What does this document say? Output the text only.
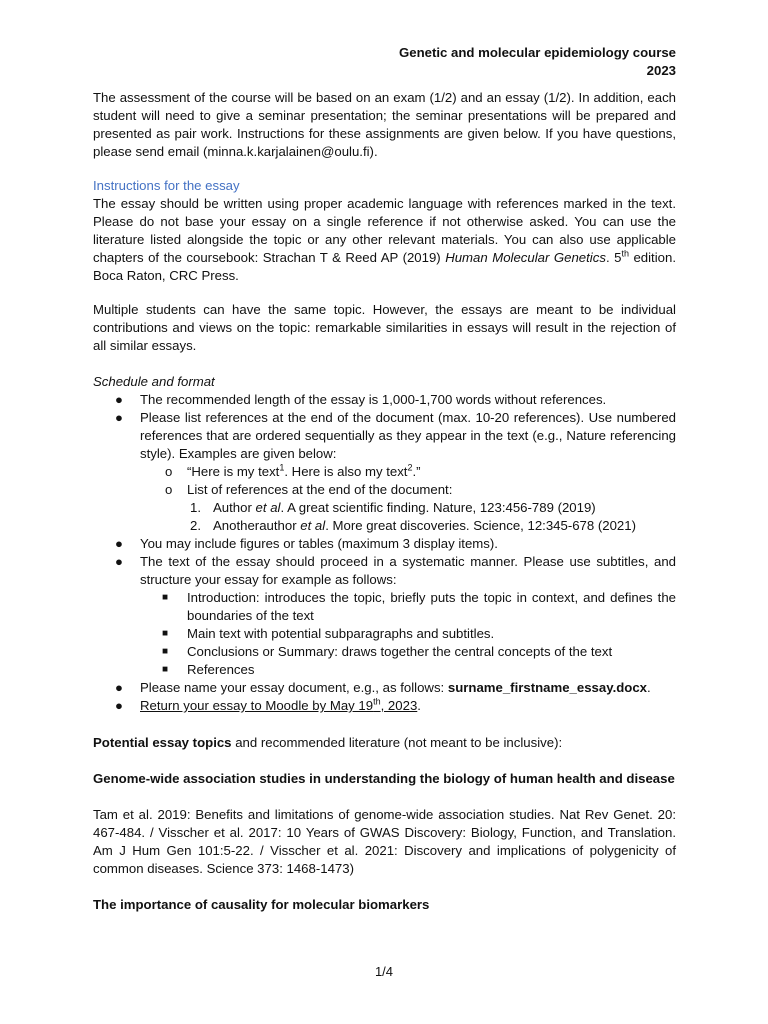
Genetic and molecular epidemiology course
2023

The assessment of the course will be based on an exam (1/2) and an essay (1/2). In addition, each student will need to give a seminar presentation; the seminar presentations will be prepared and presented as pair work. Instructions for these assignments are given below. If you have questions, please send email (minna.k.karjalainen@oulu.fi).

Instructions for the essay

The essay should be written using proper academic language with references marked in the text. Please do not base your essay on a single reference if not otherwise asked. You can use the literature listed alongside the topic or any other relevant materials. You can also use applicable chapters of the coursebook: Strachan T & Reed AP (2019) Human Molecular Genetics. 5th edition. Boca Raton, CRC Press.

Multiple students can have the same topic. However, the essays are meant to be individual contributions and views on the topic: remarkable similarities in essays will result in the rejection of all similar essays.

Schedule and format

● The recommended length of the essay is 1,000-1,700 words without references.
● Please list references at the end of the document (max. 10-20 references). Use numbered references that are ordered sequentially as they appear in the text (e.g., Nature referencing style). Examples are given below:
o “Here is my text$^1$. Here is also my text$^2$.”
o List of references at the end of the document:
1. Author et al. A great scientific finding. Nature, 123:456-789 (2019)
2. Anotherauthor et al. More great discoveries. Science, 12:345-678 (2021)
● You may include figures or tables (maximum 3 display items).
● The text of the essay should proceed in a systematic manner. Please use subtitles, and structure your essay for example as follows:
■ Introduction: introduces the topic, briefly puts the topic in context, and defines the boundaries of the text
■ Main text with potential subparagraphs and subtitles.
■ Conclusions or Summary: draws together the central concepts of the text
■ References
● Please name your essay document, e.g., as follows: surname_firstname_essay.docx.
● Return your essay to Moodle by May 19th, 2023.

Potential essay topics and recommended literature (not meant to be inclusive):

Genome-wide association studies in understanding the biology of human health and disease

Tam et al. 2019: Benefits and limitations of genome-wide association studies. Nat Rev Genet. 20: 467-484. / Visscher et al. 2017: 10 Years of GWAS Discovery: Biology, Function, and Translation. Am J Hum Gen 101:5-22. / Visscher et al. 2021: Discovery and implications of polygenicity of common diseases. Science 373: 1468-1473)

The importance of causality for molecular biomarkers

1/4
